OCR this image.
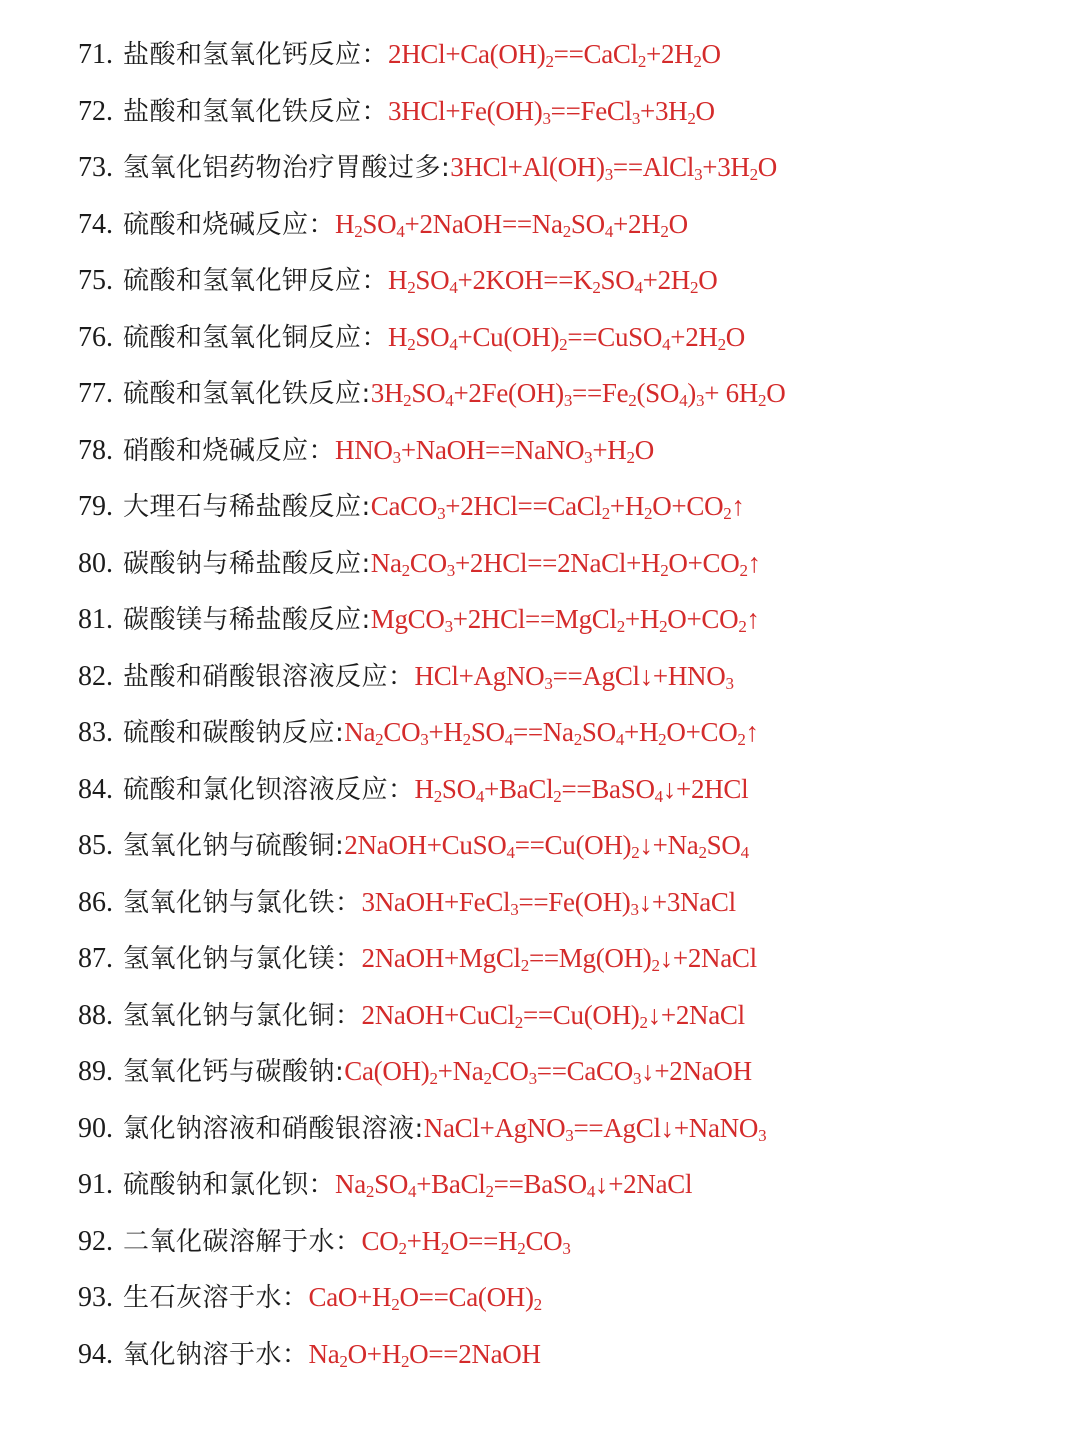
71. 盐酸和氢氧化钙反应：$2HCl+Ca(OH)_2==CaCl_2+2H_2O$
72. 盐酸和氢氧化铁反应：$3HCl+Fe(OH)_3==FeCl_3+3H_2O$
73. 氢氧化铝药物治疗胃酸过多$:3HCl+Al(OH)_3==AlCl_3+3H_2O$
74. 硫酸和烧碱反应：$H_2SO_4+2NaOH==Na_2SO_4+2H_2O$
75. 硫酸和氢氧化钾反应：$H_2SO_4+2KOH==K_2SO_4+2H_2O$
76. 硫酸和氢氧化铜反应：$H_2SO_4+Cu(OH)_2==CuSO_4+2H_2O$
77. 硫酸和氢氧化铁反应$:3H_2SO_4+2Fe(OH)_3==Fe_2(SO_4)_3+ 6H_2O$
78. 硝酸和烧碱反应：$HNO_3+NaOH==NaNO_3+H_2O$
79. 大理石与稀盐酸反应$:CaCO_3+2HCl==CaCl_2+H_2O+CO_2↑$
80. 碳酸钠与稀盐酸反应$:Na_2CO_3+2HCl==2NaCl+H_2O+CO_2↑$
81. 碳酸镁与稀盐酸反应$:MgCO_3+2HCl==MgCl_2+H_2O+CO_2↑$
82. 盐酸和硝酸银溶液反应：$HCl+AgNO_3==AgCl↓+HNO_3$
83. 硫酸和碳酸钠反应$:Na_2CO_3+H_2SO_4==Na_2SO_4+H_2O+CO_2↑$
84. 硫酸和氯化钡溶液反应：$H_2SO_4+BaCl_2==BaSO_4↓+2HCl$
85. 氢氧化钠与硫酸铜$:2NaOH+CuSO_4==Cu(OH)_2↓+Na_2SO_4$
86. 氢氧化钠与氯化铁：$3NaOH+FeCl_3==Fe(OH)_3↓+3NaCl$
87. 氢氧化钠与氯化镁：$2NaOH+MgCl_2==Mg(OH)_2↓+2NaCl$
88. 氢氧化钠与氯化铜：$2NaOH+CuCl_2==Cu(OH)_2↓+2NaCl$
89. 氢氧化钙与碳酸钠$:Ca(OH)_2+Na_2CO_3==CaCO_3↓+2NaOH$
90. 氯化钠溶液和硝酸银溶液:NaCl+AgNO$_3$==AgCl↓+NaNO$_3$
91. 硫酸钠和氯化钡：$Na_2SO_4+BaCl_2==BaSO_4↓+2NaCl$
92. 二氧化碳溶解于水：$CO_2+H_2O==H_2CO_3$
93. 生石灰溶于水：$CaO+H_2O==Ca(OH)_2$
94. 氧化钠溶于水：$Na_2O+H_2O==2NaOH$
